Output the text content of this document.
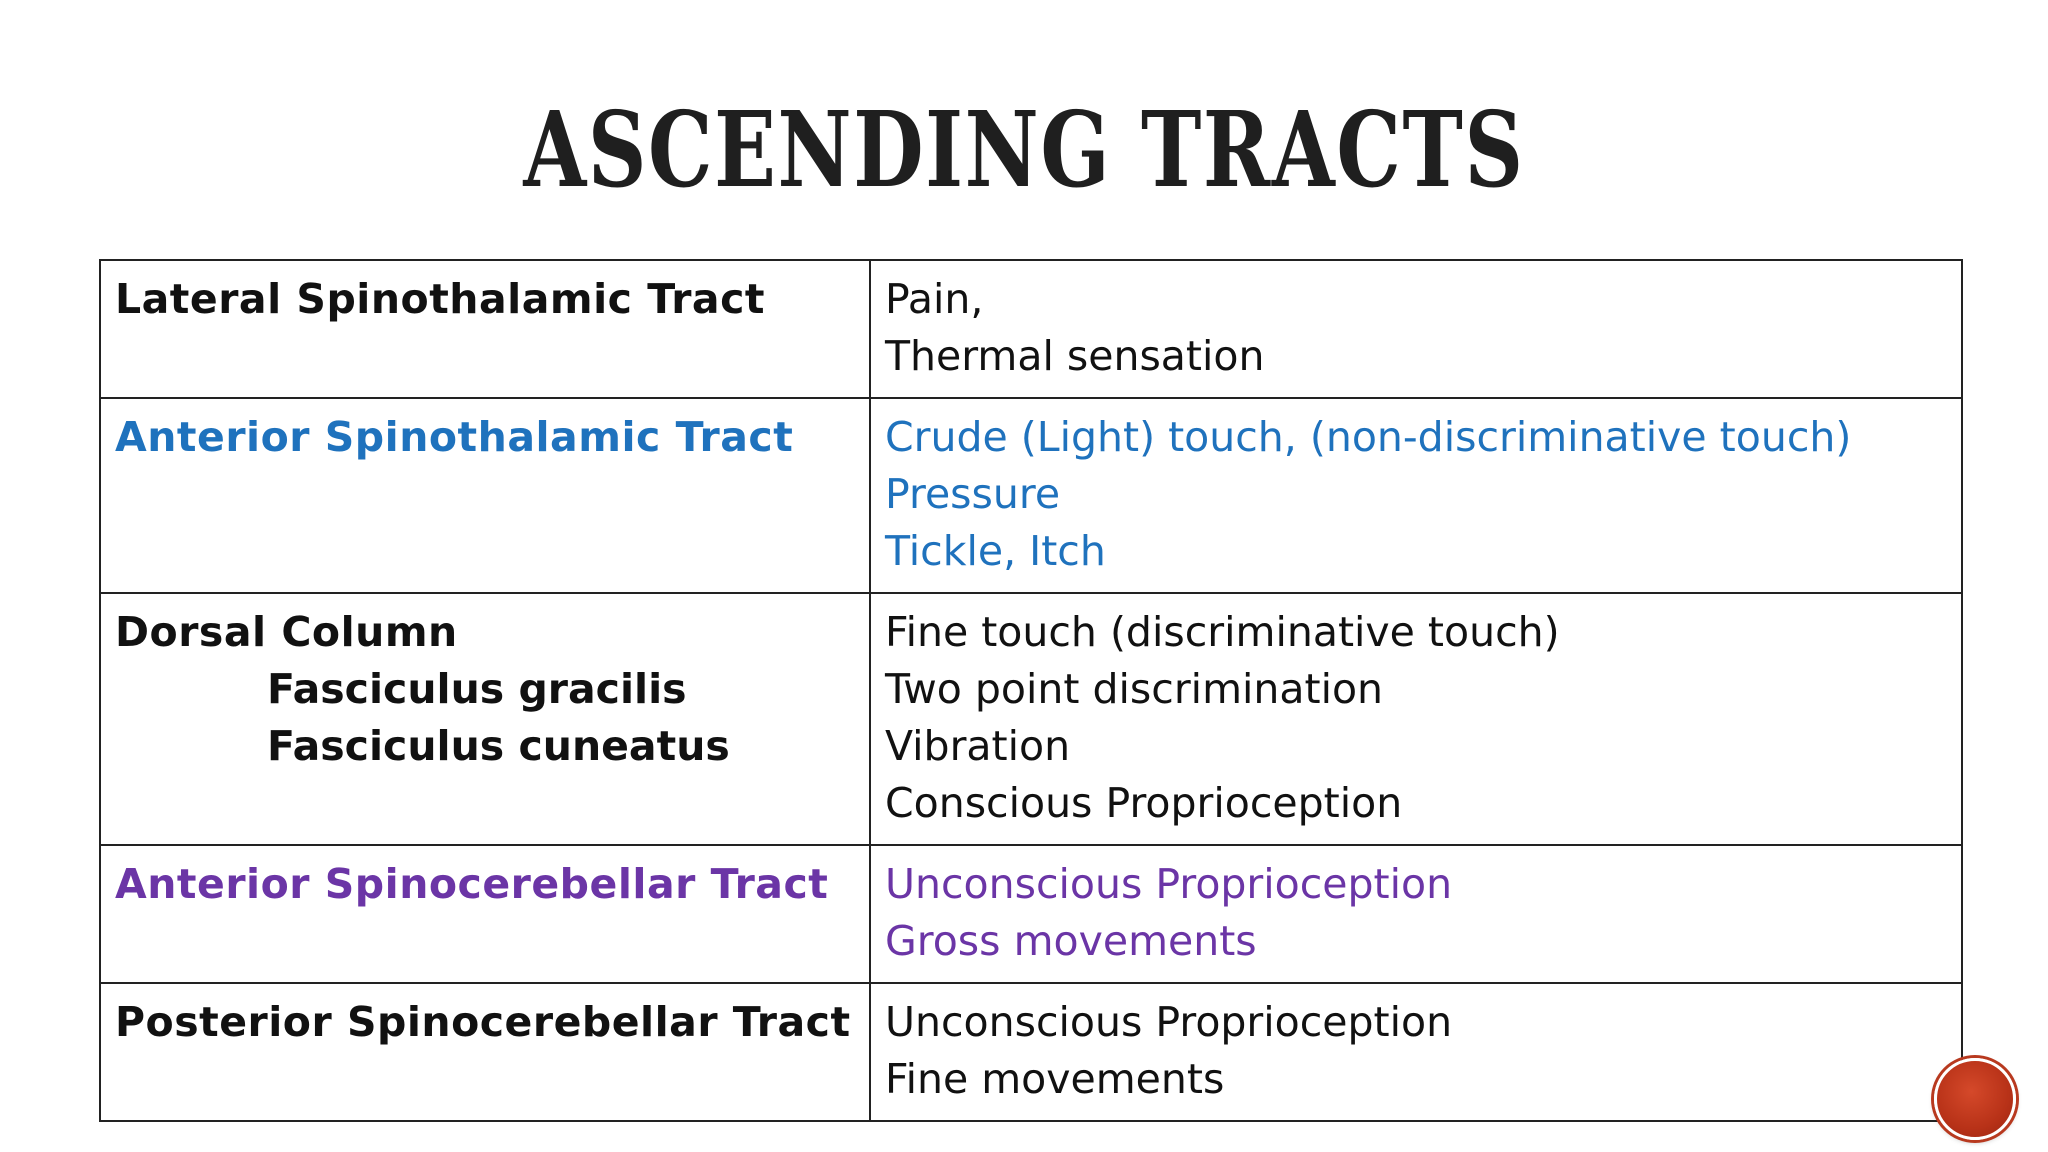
ASCENDING TRACTS
Lateral Spinothalamic Tract	Pain,
Thermal sensation

Anterior Spinothalamic Tract	Crude (Light) touch, (non-discriminative touch)
Pressure
Tickle, Itch

Dorsal Column
Fasciculus gracilis
Fasciculus cuneatus	Fine touch (discriminative touch)
Two point discrimination
Vibration
Conscious Proprioception

Anterior Spinocerebellar Tract	Unconscious Proprioception
Gross movements

Posterior Spinocerebellar Tract	Unconscious Proprioception
Fine movements
